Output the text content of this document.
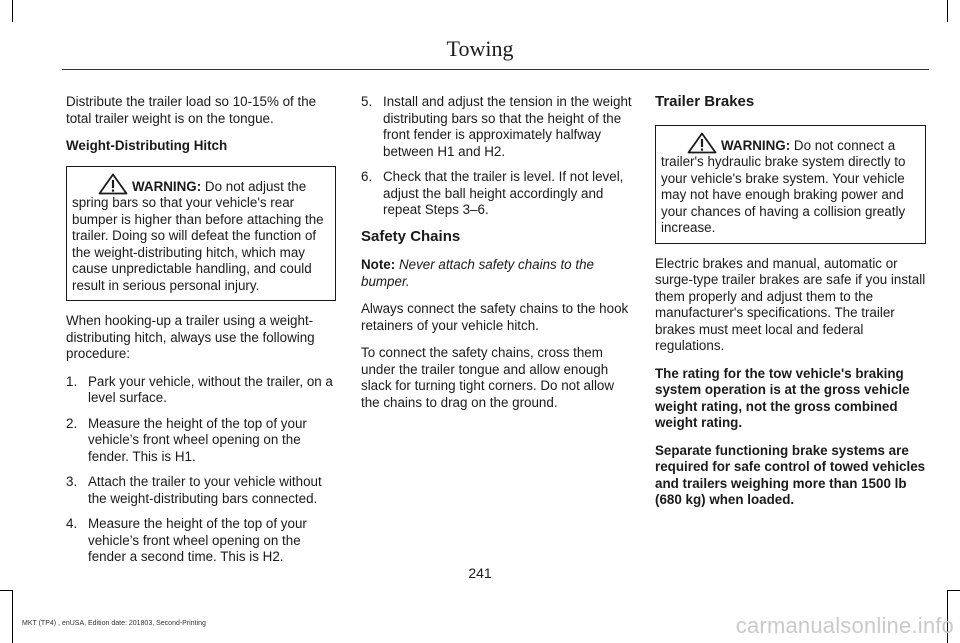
Towing

Distribute the trailer load so 10-15% of the total trailer weight is on the tongue.

Weight-Distributing Hitch

WARNING: Do not adjust the spring bars so that your vehicle's rear bumper is higher than before attaching the trailer. Doing so will defeat the function of the weight-distributing hitch, which may cause unpredictable handling, and could result in serious personal injury.

When hooking-up a trailer using a weight-distributing hitch, always use the following procedure:

1. Park your vehicle, without the trailer, on a level surface.
2. Measure the height of the top of your vehicle’s front wheel opening on the fender. This is H1.
3. Attach the trailer to your vehicle without the weight-distributing bars connected.
4. Measure the height of the top of your vehicle’s front wheel opening on the fender a second time. This is H2.
5. Install and adjust the tension in the weight distributing bars so that the height of the front fender is approximately halfway between H1 and H2.
6. Check that the trailer is level. If not level, adjust the ball height accordingly and repeat Steps 3–6.
Safety Chains

Note: Never attach safety chains to the bumper.

Always connect the safety chains to the hook retainers of your vehicle hitch.

To connect the safety chains, cross them under the trailer tongue and allow enough slack for turning tight corners. Do not allow the chains to drag on the ground.

Trailer Brakes
WARNING: Do not connect a trailer's hydraulic brake system directly to your vehicle's brake system. Your vehicle may not have enough braking power and your chances of having a collision greatly increase.

Electric brakes and manual, automatic or surge-type trailer brakes are safe if you install them properly and adjust them to the manufacturer's specifications. The trailer brakes must meet local and federal regulations.

The rating for the tow vehicle's braking system operation is at the gross vehicle weight rating, not the gross combined weight rating.

Separate functioning brake systems are required for safe control of towed vehicles and trailers weighing more than 1500 lb (680 kg) when loaded.

241
MKT (TP4) , enUSA, Edition date: 201803, Second-Printing	carmanualsonline.info
